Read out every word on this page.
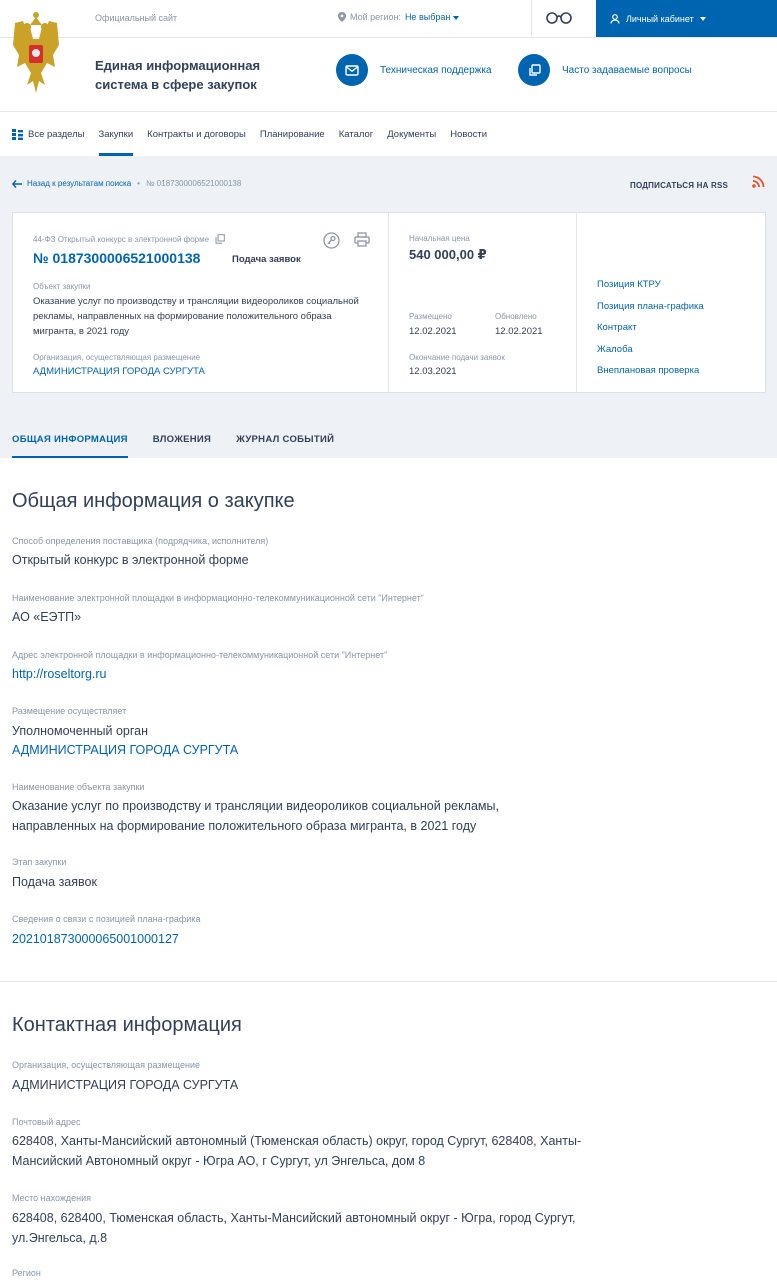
Официальный сайт	Мой регион: Не выбран	Личный кабинет
Единая информационная система в сфере закупок
Техническая поддержка	Часто задаваемые вопросы
Все разделы Закупки Контракты и договоры Планирование Каталог Документы Новости
Назад к результатам поиска • № 0187300006521000138	ПОДПИСАТЬСЯ НА RSS
44-ФЗ Открытый конкурс в электронной форме
№ 0187300006521000138	Подача заявок
Объект закупки
Оказание услуг по производству и трансляции видеороликов социальной рекламы, направленных на формирование положительного образа мигранта, в 2021 году
Организация, осуществляющая размещение
АДМИНИСТРАЦИЯ ГОРОДА СУРГУТА
Начальная цена
540 000,00 ₽
Размещено
12.02.2021
Обновлено
12.02.2021
Окончание подачи заявок
12.03.2021
Позиция КТРУ
Позиция плана-графика
Контракт
Жалоба
Внеплановая проверка
ОБЩАЯ ИНФОРМАЦИЯ	ВЛОЖЕНИЯ	ЖУРНАЛ СОБЫТИЙ
Общая информация о закупке
Способ определения поставщика (подрядчика, исполнителя)
Открытый конкурс в электронной форме
Наименование электронной площадки в информационно-телекоммуникационной сети "Интернет"
АО «ЕЭТП»
Адрес электронной площадки в информационно-телекоммуникационной сети "Интернет"
http://roseltorg.ru
Размещение осуществляет
Уполномоченный орган
АДМИНИСТРАЦИЯ ГОРОДА СУРГУТА
Наименование объекта закупки
Оказание услуг по производству и трансляции видеороликов социальной рекламы,
направленных на формирование положительного образа мигранта, в 2021 году
Этап закупки
Подача заявок
Сведения о связи с позицией плана-графика
202101873000065001000127
Контактная информация
Организация, осуществляющая размещение
АДМИНИСТРАЦИЯ ГОРОДА СУРГУТА
Почтовый адрес
628408, Ханты-Мансийский автономный (Тюменская область) округ, город Сургут, 628408, Ханты-
Мансийский Автономный округ - Югра АО, г Сургут, ул Энгельса, дом 8
Место нахождения
628408, 628400, Тюменская область, Ханты-Мансийский автономный округ - Югра, город Сургут,
ул.Энгельса, д.8
Регион
